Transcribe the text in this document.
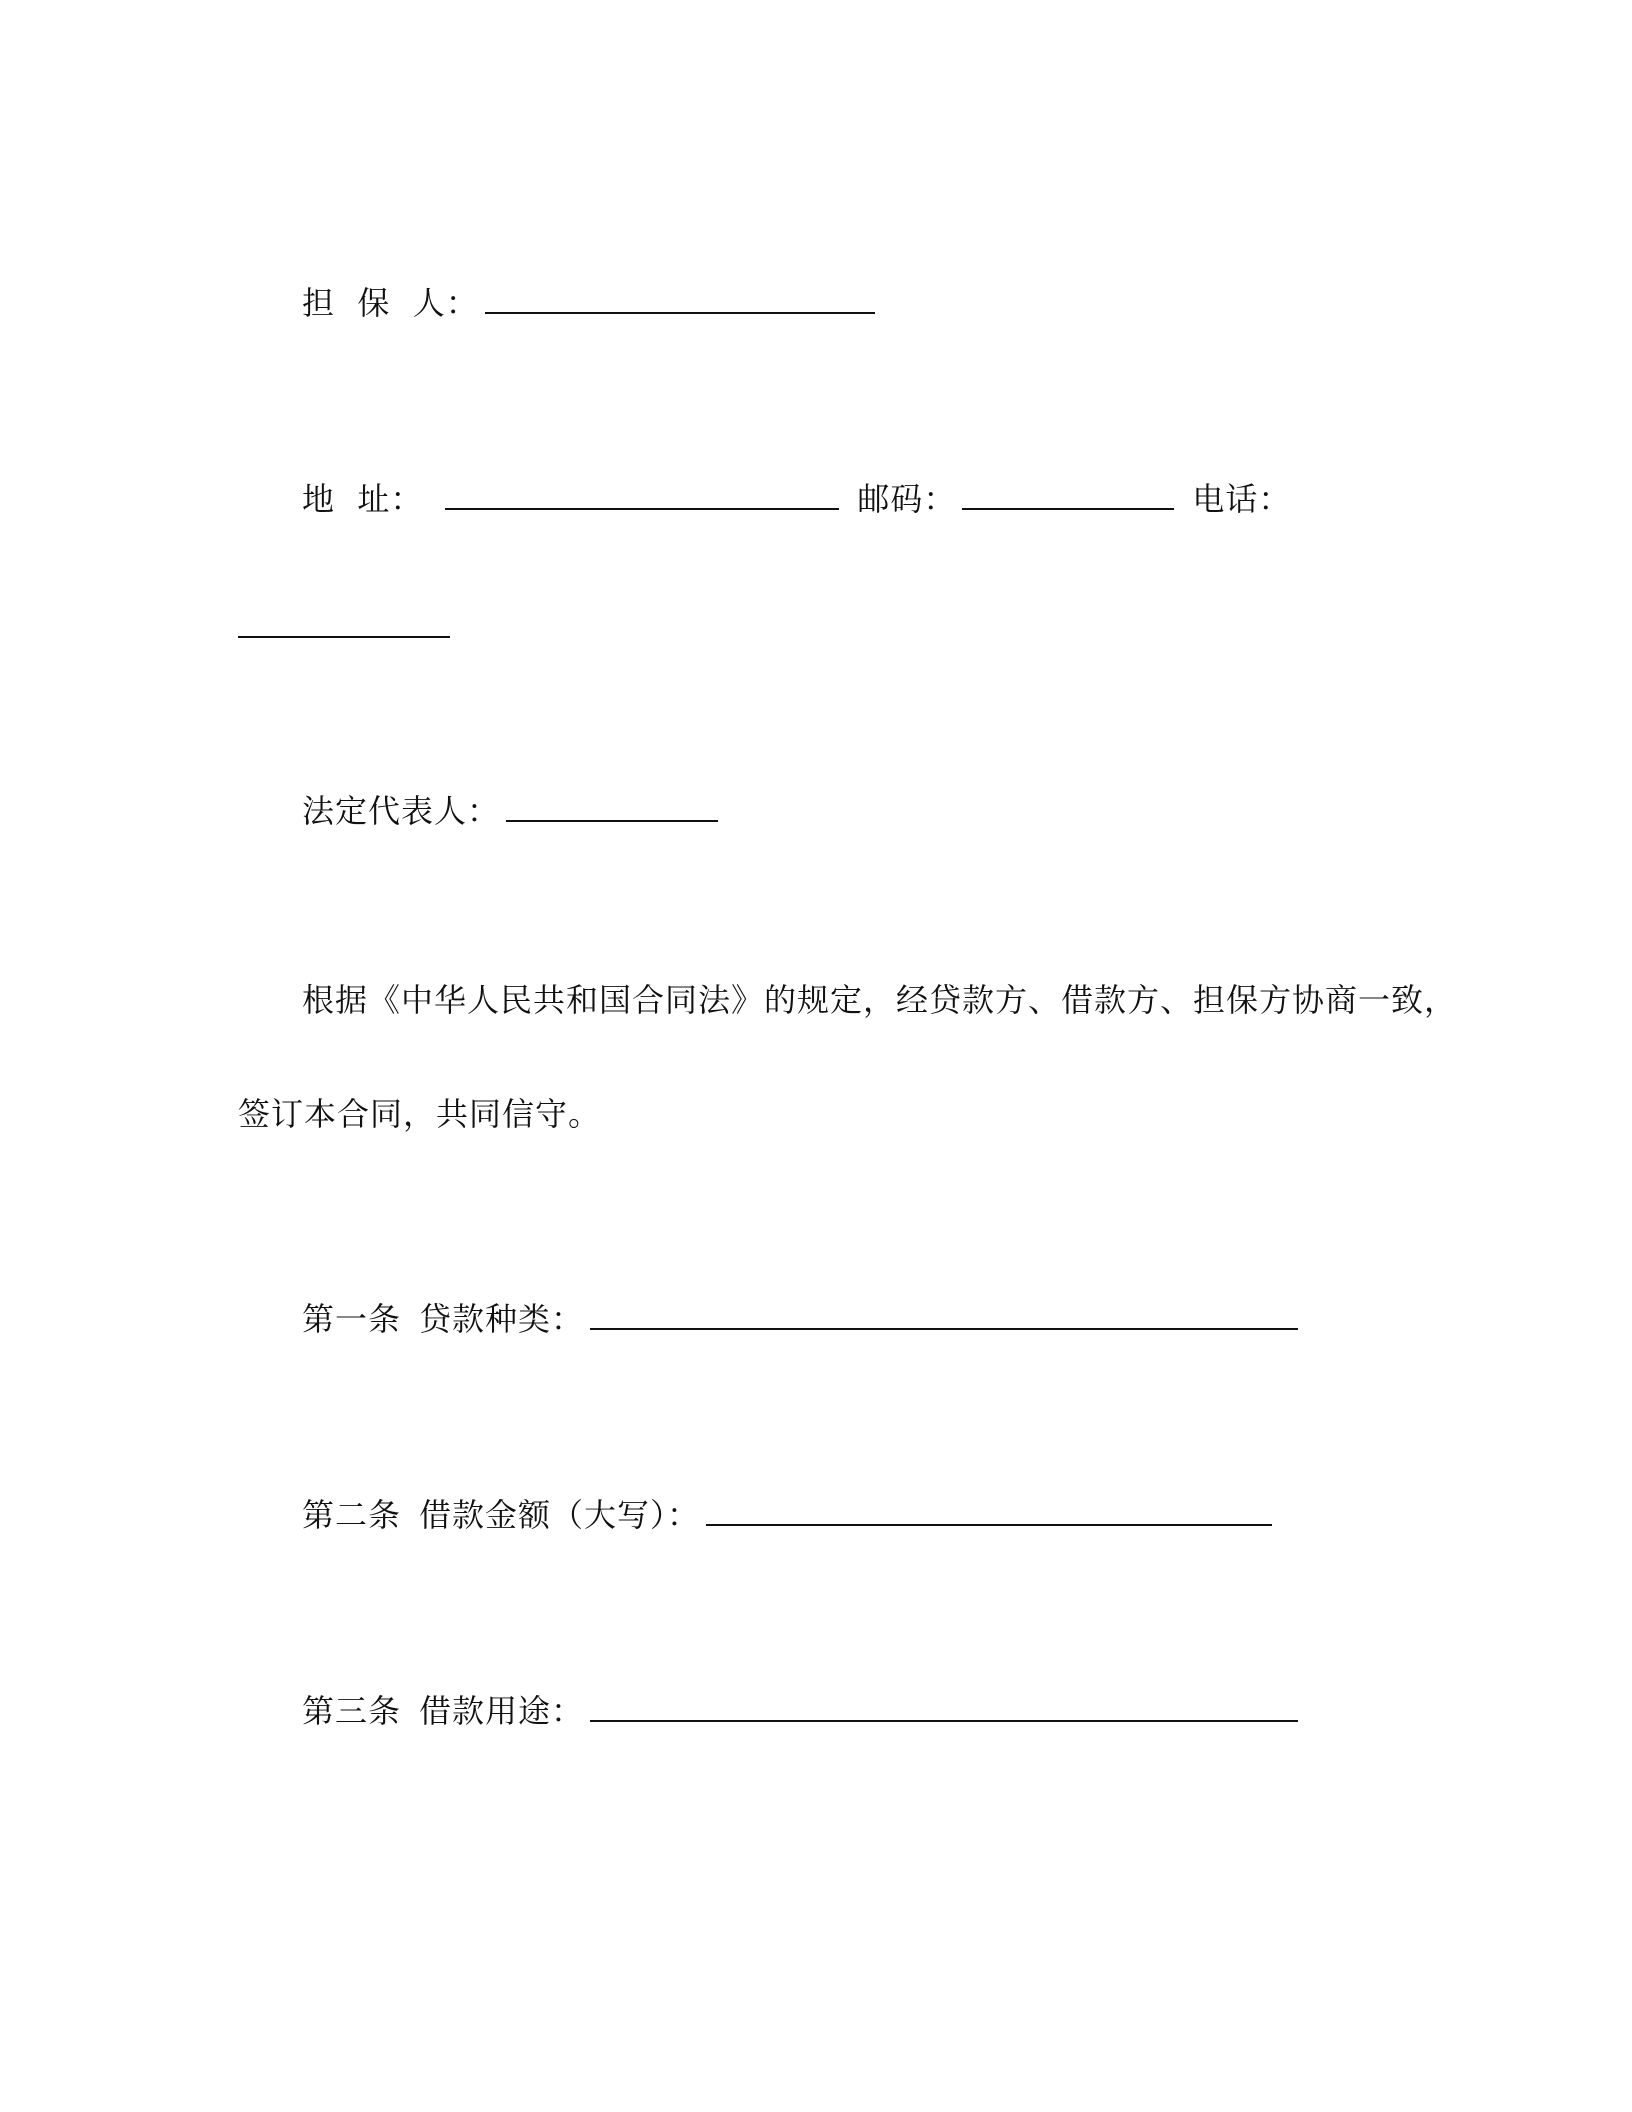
担  保  人：
地  址：	邮码：	电话：
法定代表人：
根据《中华人民共和国合同法》的规定，经贷款方、借款方、担保方协商一致，
签订本合同，共同信守。
第一条 贷款种类：
第二条 借款金额（大写）：
第三条 借款用途：
